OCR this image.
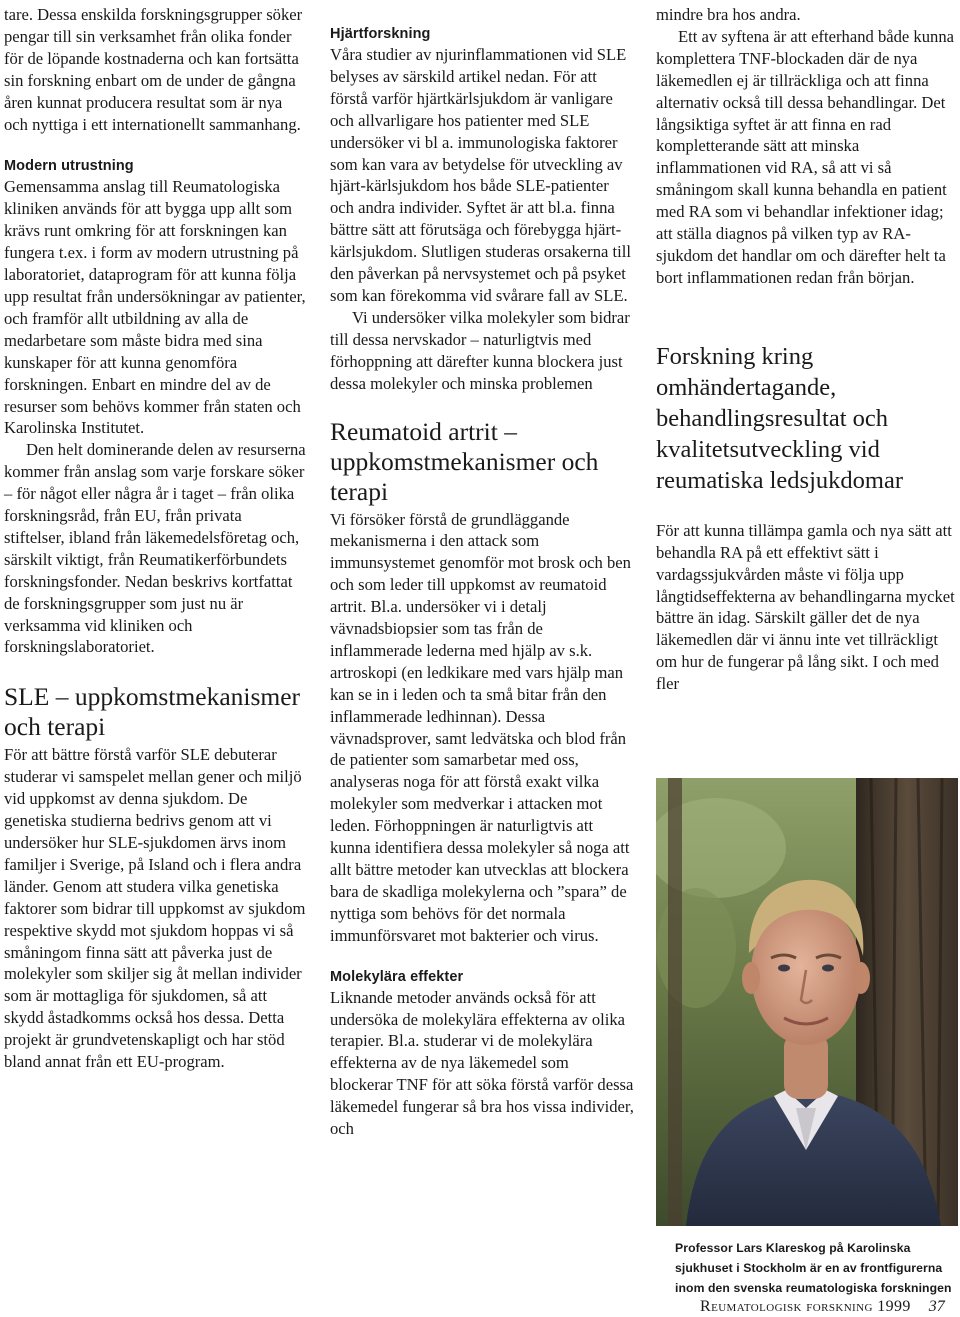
tare. Dessa enskilda forskningsgrupper söker pengar till sin verksamhet från olika fonder för de löpande kostnaderna och kan fortsätta sin forskning enbart om de under de gångna åren kunnat producera resultat som är nya och nyttiga i ett internationellt sammanhang.

Modern utrustning

Gemensamma anslag till Reumatologiska kliniken används för att bygga upp allt som krävs runt omkring för att forskningen kan fungera t.ex. i form av modern utrustning på laboratoriet, dataprogram för att kunna följa upp resultat från undersökningar av patienter, och framför allt utbildning av alla de medarbetare som måste bidra med sina kunskaper för att kunna genomföra forskningen. Enbart en mindre del av de resurser som behövs kommer från staten och Karolinska Institutet.

Den helt dominerande delen av resurserna kommer från anslag som varje forskare söker – för något eller några år i taget – från olika forskningsråd, från EU, från privata stiftelser, ibland från läkemedelsföretag och, särskilt viktigt, från Reumatikerförbundets forskningsfonder. Nedan beskrivs kortfattat de forskningsgrupper som just nu är verksamma vid kliniken och forskningslaboratoriet.

SLE – uppkomstmekanismer och terapi

För att bättre förstå varför SLE debuterar studerar vi samspelet mellan gener och miljö vid uppkomst av denna sjukdom. De genetiska studierna bedrivs genom att vi undersöker hur SLE-sjukdomen ärvs inom familjer i Sverige, på Island och i flera andra länder. Genom att studera vilka genetiska faktorer som bidrar till uppkomst av sjukdom respektive skydd mot sjukdom hoppas vi så småningom finna sätt att påverka just de molekyler som skiljer sig åt mellan individer som är mottagliga för sjukdomen, så att skydd åstadkomms också hos dessa. Detta projekt är grundvetenskapligt och har stöd bland annat från ett EU-program.

Hjärtforskning

Våra studier av njurinflammationen vid SLE belyses av särskild artikel nedan. För att förstå varför hjärtkärlsjukdom är vanligare och allvarligare hos patienter med SLE undersöker vi bl a. immunologiska faktorer som kan vara av betydelse för utveckling av hjärt-kärlsjukdom hos både SLE-patienter och andra individer. Syftet är att bl.a. finna bättre sätt att förutsäga och förebygga hjärt-kärlsjukdom. Slutligen studeras orsakerna till den påverkan på nervsystemet och på psyket som kan förekomma vid svårare fall av SLE.

Vi undersöker vilka molekyler som bidrar till dessa nervskador – naturligtvis med förhoppning att därefter kunna blockera just dessa molekyler och minska problemen

Reumatoid artrit – uppkomstmekanismer och terapi

Vi försöker förstå de grundläggande mekanismerna i den attack som immunsystemet genomför mot brosk och ben och som leder till uppkomst av reumatoid artrit. Bl.a. undersöker vi i detalj vävnadsbiopsier som tas från de inflammerade lederna med hjälp av s.k. artroskopi (en ledkikare med vars hjälp man kan se in i leden och ta små bitar från den inflammerade ledhinnan). Dessa vävnadsprover, samt ledvätska och blod från de patienter som samarbetar med oss, analyseras noga för att förstå exakt vilka molekyler som medverkar i attacken mot leden. Förhoppningen är naturligtvis att kunna identifiera dessa molekyler så noga att allt bättre metoder kan utvecklas att blockera bara de skadliga molekylerna och ”spara” de nyttiga som behövs för det normala immunförsvaret mot bakterier och virus.

Molekylära effekter

Liknande metoder används också för att undersöka de molekylära effekterna av olika terapier. Bl.a. studerar vi de molekylära effekterna av de nya läkemedel som blockerar TNF för att söka förstå varför dessa läkemedel fungerar så bra hos vissa individer, och

mindre bra hos andra.

Ett av syftena är att efterhand både kunna komplettera TNF-blockaden där de nya läkemedlen ej är tillräckliga och att finna alternativ också till dessa behandlingar. Det långsiktiga syftet är att finna en rad kompletterande sätt att minska inflammationen vid RA, så att vi så småningom skall kunna behandla en patient med RA som vi behandlar infektioner idag; att ställa diagnos på vilken typ av RA-sjukdom det handlar om och därefter helt ta bort inflammationen redan från början.

Forskning kring omhändertagande, behandlingsresultat och kvalitetsutveckling vid reumatiska ledsjukdomar

För att kunna tillämpa gamla och nya sätt att behandla RA på ett effektivt sätt i vardagssjukvården måste vi följa upp långtidseffekterna av behandlingarna mycket bättre än idag. Särskilt gäller det de nya läkemedlen där vi ännu inte vet tillräckligt om hur de fungerar på lång sikt. I och med fler

Professor Lars Klareskog på Karolinska sjukhuset i Stockholm är en av frontfigurerna inom den svenska reumatologiska forskningen
Reumatologisk forskning 1999 37
